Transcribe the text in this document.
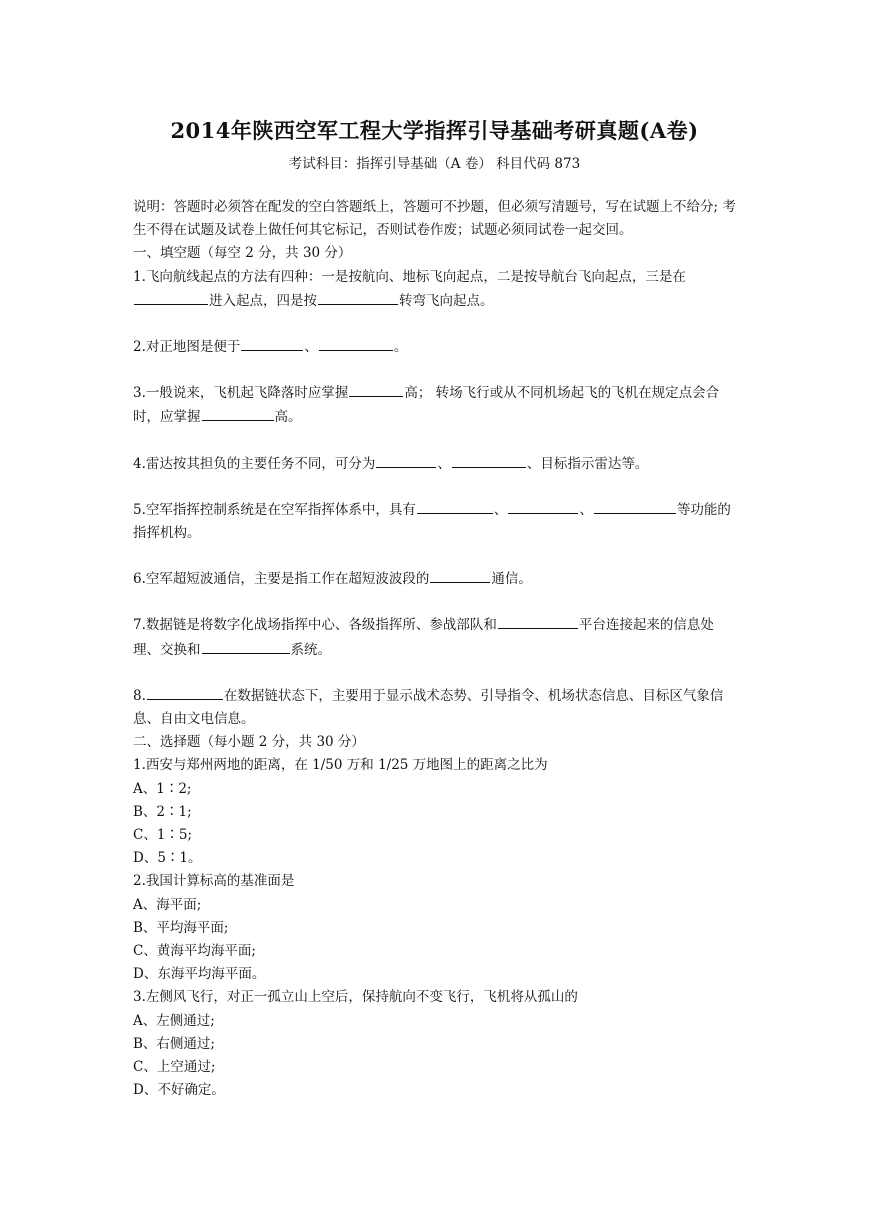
2014年陕西空军工程大学指挥引导基础考研真题(A卷)
考试科目：指挥引导基础（A 卷） 科目代码 873

说明：答题时必须答在配发的空白答题纸上，答题可不抄题，但必须写清题号，写在试题上不给分; 考生不得在试题及试卷上做任何其它标记，否则试卷作废；试题必须同试卷一起交回。

一、填空题（每空 2 分，共 30 分）

1.飞向航线起点的方法有四种：一是按航向、地标飞向起点，二是按导航台飞向起点，三是在进入起点，四是按	转弯飞向起点。

2.对正地图是便于	、	。

3.一般说来，飞机起飞降落时应掌握	高； 转场飞行或从不同机场起飞的飞机在规定点会合时，应掌握	高。

4.雷达按其担负的主要任务不同，可分为	、	、目标指示雷达等。

5.空军指挥控制系统是在空军指挥体系中，具有	、	、	等功能的指挥机构。

6.空军超短波通信，主要是指工作在超短波波段的	通信。

7.数据链是将数字化战场指挥中心、各级指挥所、参战部队和	平台连接起来的信息处理、交换和	系统。

8.	在数据链状态下，主要用于显示战术态势、引导指令、机场状态信息、目标区气象信息、自由文电信息。

二、选择题（每小题 2 分，共 30 分）

1.西安与郑州两地的距离，在 1/50 万和 1/25 万地图上的距离之比为

A、1∶2;

B、2∶1;

C、1∶5;

D、5∶1。

2.我国计算标高的基准面是

A、海平面;

B、平均海平面;

C、黄海平均海平面;

D、东海平均海平面。

3.左侧风飞行，对正一孤立山上空后，保持航向不变飞行，飞机将从孤山的

A、左侧通过;

B、右侧通过;

C、上空通过;

D、不好确定。
